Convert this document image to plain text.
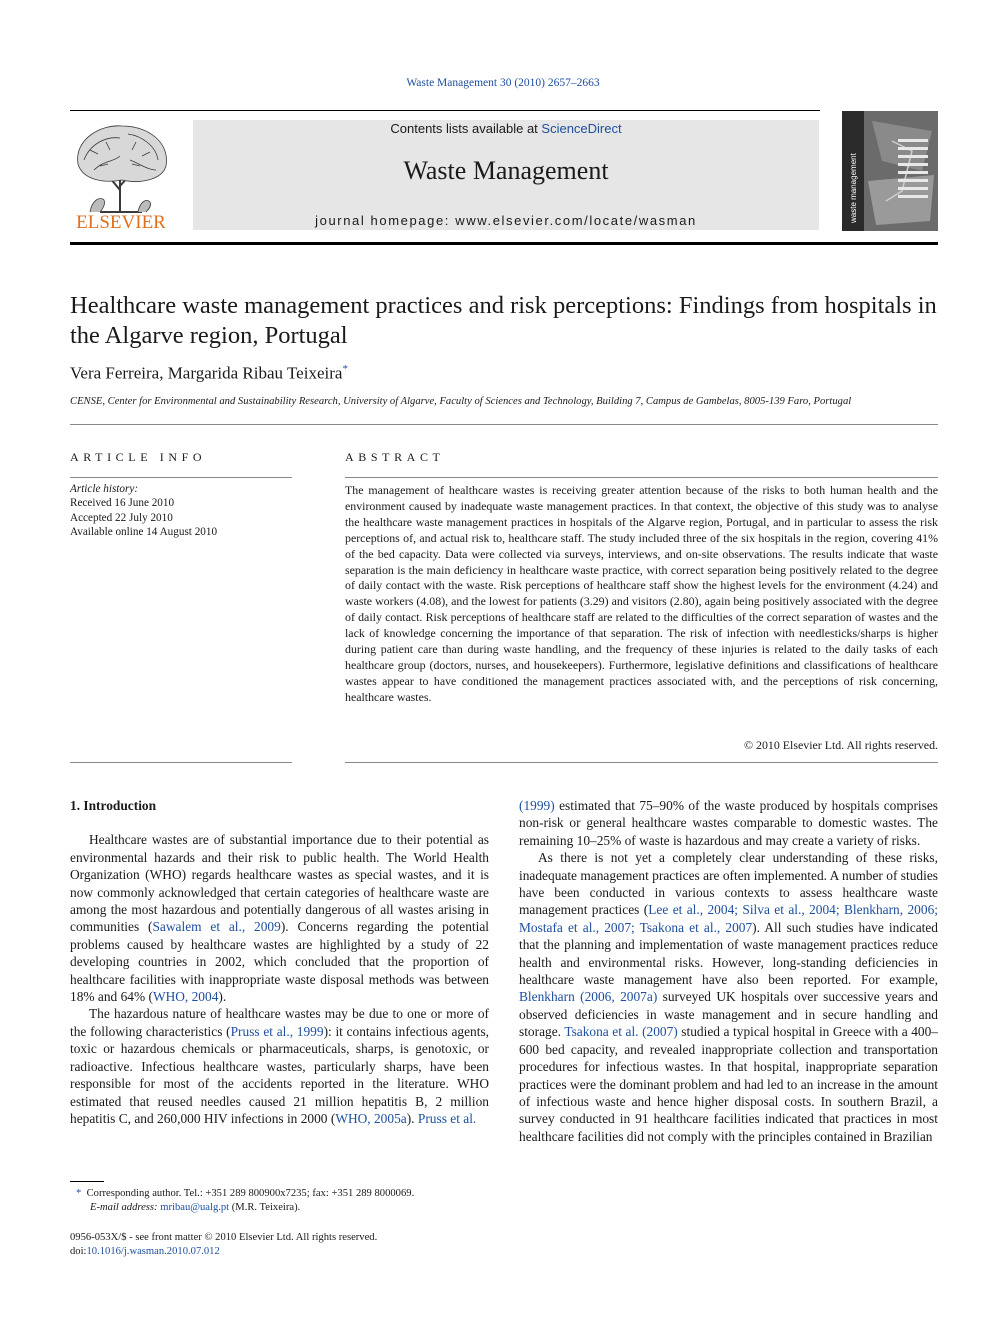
Waste Management 30 (2010) 2657–2663
ELSEVIER
Contents lists available at ScienceDirect
Waste Management
journal homepage: www.elsevier.com/locate/wasman	waste management
Healthcare waste management practices and risk perceptions: Findings from hospitals in the Algarve region, Portugal
Vera Ferreira, Margarida Ribau Teixeira*
CENSE, Center for Environmental and Sustainability Research, University of Algarve, Faculty of Sciences and Technology, Building 7, Campus de Gambelas, 8005-139 Faro, Portugal
ARTICLE INFO
Article history:
Received 16 June 2010
Accepted 22 July 2010
Available online 14 August 2010
ABSTRACT
The management of healthcare wastes is receiving greater attention because of the risks to both human health and the environment caused by inadequate waste management practices. In that context, the objective of this study was to analyse the healthcare waste management practices in hospitals of the Algarve region, Portugal, and in particular to assess the risk perceptions of, and actual risk to, healthcare staff. The study included three of the six hospitals in the region, covering 41% of the bed capacity. Data were collected via surveys, interviews, and on-site observations. The results indicate that waste separation is the main deficiency in healthcare waste practice, with correct separation being positively related to the degree of daily contact with the waste. Risk perceptions of healthcare staff show the highest levels for the environment (4.24) and waste workers (4.08), and the lowest for patients (3.29) and visitors (2.80), again being positively associated with the degree of daily contact. Risk perceptions of healthcare staff are related to the difficulties of the correct separation of wastes and the lack of knowledge concerning the importance of that separation. The risk of infection with needlesticks/sharps is higher during patient care than during waste handling, and the frequency of these injuries is related to the daily tasks of each healthcare group (doctors, nurses, and housekeepers). Furthermore, legislative definitions and classifications of healthcare wastes appear to have conditioned the management practices associated with, and the perceptions of risk concerning, healthcare wastes.
© 2010 Elsevier Ltd. All rights reserved.
1. Introduction

Healthcare wastes are of substantial importance due to their potential as environmental hazards and their risk to public health. The World Health Organization (WHO) regards healthcare wastes as special wastes, and it is now commonly acknowledged that certain categories of healthcare waste are among the most hazardous and potentially dangerous of all wastes arising in communities (Sawalem et al., 2009). Concerns regarding the potential problems caused by healthcare wastes are highlighted by a study of 22 developing countries in 2002, which concluded that the proportion of healthcare facilities with inappropriate waste disposal methods was between 18% and 64% (WHO, 2004).

The hazardous nature of healthcare wastes may be due to one or more of the following characteristics (Pruss et al., 1999): it contains infectious agents, toxic or hazardous chemicals or pharmaceuticals, sharps, is genotoxic, or radioactive. Infectious healthcare wastes, particularly sharps, have been responsible for most of the accidents reported in the literature. WHO estimated that reused needles caused 21 million hepatitis B, 2 million hepatitis C, and 260,000 HIV infections in 2000 (WHO, 2005a). Pruss et al.

(1999) estimated that 75–90% of the waste produced by hospitals comprises non-risk or general healthcare wastes comparable to domestic wastes. The remaining 10–25% of waste is hazardous and may create a variety of risks.

As there is not yet a completely clear understanding of these risks, inadequate management practices are often implemented. A number of studies have been conducted in various contexts to assess healthcare waste management practices (Lee et al., 2004; Silva et al., 2004; Blenkharn, 2006; Mostafa et al., 2007; Tsakona et al., 2007). All such studies have indicated that the planning and implementation of waste management practices reduce health and environmental risks. However, long-standing deficiencies in healthcare waste management have also been reported. For example, Blenkharn (2006, 2007a) surveyed UK hospitals over successive years and observed deficiencies in waste management and in secure handling and storage. Tsakona et al. (2007) studied a typical hospital in Greece with a 400–600 bed capacity, and revealed inappropriate collection and transportation procedures for infectious wastes. In that hospital, inappropriate separation practices were the dominant problem and had led to an increase in the amount of infectious waste and hence higher disposal costs. In southern Brazil, a survey conducted in 91 healthcare facilities indicated that practices in most healthcare facilities did not comply with the principles contained in Brazilian

* Corresponding author. Tel.: +351 289 800900x7235; fax: +351 289 8000069.
E-mail address: mribau@ualg.pt (M.R. Teixeira).
0956-053X/$ - see front matter © 2010 Elsevier Ltd. All rights reserved.
doi:10.1016/j.wasman.2010.07.012
